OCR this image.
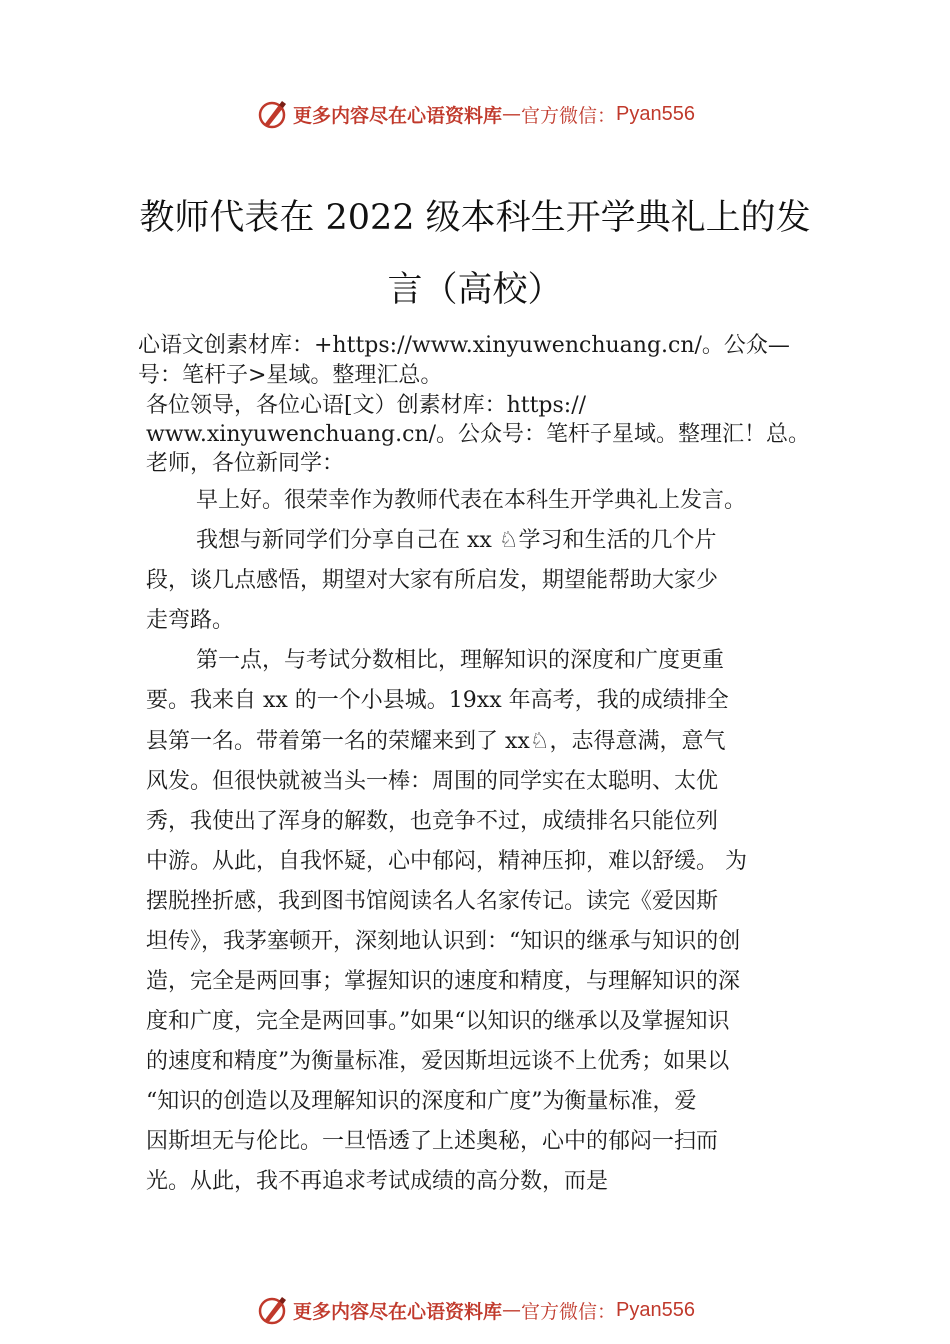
更多内容尽在心语资料库 — 官方微信： Pyan556
教师代表在 2022 级本科生开学典礼上的发
言（高校）
心语文创素材库：+https://www.xinyuwenchuang.cn/。公众—
号：笔杆子>星域。整理汇总。
各位领导，各位心语[文）创素材库：https://
www.xinyuwenchuang.cn/。公众号：笔杆子星域。整理汇！总。
老师，各位新同学：
早上好。很荣幸作为教师代表在本科生开学典礼上发言。
我想与新同学们分享自己在 xx ♘学习和生活的几个片
段，谈几点感悟，期望对大家有所启发，期望能帮助大家少
走弯路。
第一点，与考试分数相比，理解知识的深度和广度更重
要。我来自 xx 的一个小县城。19xx 年高考，我的成绩排全
县第一名。带着第一名的荣耀来到了 xx♘，志得意满，意气
风发。但很快就被当头一棒：周围的同学实在太聪明、太优
秀，我使出了浑身的解数，也竞争不过，成绩排名只能位列
中游。从此，自我怀疑，心中郁闷，精神压抑，难以舒缓。 为
摆脱挫折感，我到图书馆阅读名人名家传记。读完《爱因斯
坦传》，我茅塞顿开，深刻地认识到：“知识的继承与知识的创
造，完全是两回事；掌握知识的速度和精度，与理解知识的深
度和广度，完全是两回事。”如果“以知识的继承以及掌握知识
的速度和精度”为衡量标准，爱因斯坦远谈不上优秀；如果以
“知识的创造以及理解知识的深度和广度”为衡量标准，爱
因斯坦无与伦比。一旦悟透了上述奥秘，心中的郁闷一扫而
光。从此，我不再追求考试成绩的高分数，而是
更多内容尽在心语资料库 — 官方微信： Pyan556
